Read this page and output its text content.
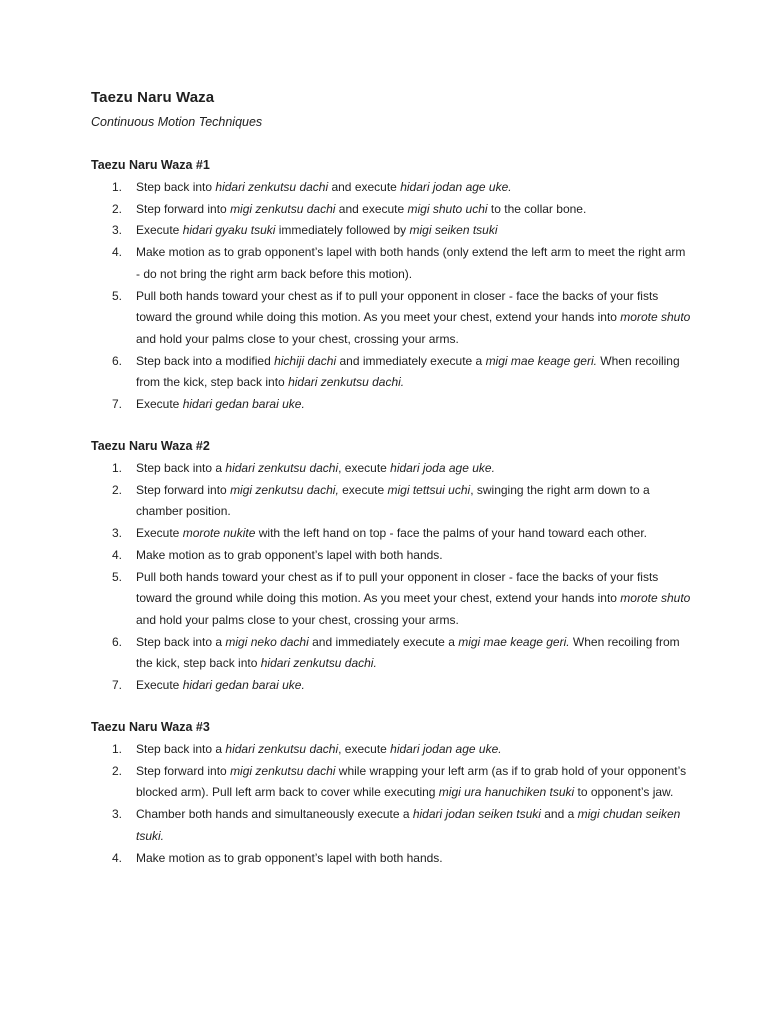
Taezu Naru Waza
Continuous Motion Techniques
Taezu Naru Waza #1
1.	Step back into hidari zenkutsu dachi and execute hidari jodan age uke.
2.	Step forward into migi zenkutsu dachi and execute migi shuto uchi to the collar bone.
3.	Execute hidari gyaku tsuki immediately followed by migi seiken tsuki
4.	Make motion as to grab opponent’s lapel with both hands (only extend the left arm to meet the right arm - do not bring the right arm back before this motion).
5.	Pull both hands toward your chest as if to pull your opponent in closer - face the backs of your fists toward the ground while doing this motion. As you meet your chest, extend your hands into morote shuto and hold your palms close to your chest, crossing your arms.
6.	Step back into a modified hichiji dachi and immediately execute a migi mae keage geri. When recoiling from the kick, step back into hidari zenkutsu dachi.
7.	Execute hidari gedan barai uke.
Taezu Naru Waza #2
1.	Step back into a hidari zenkutsu dachi, execute hidari joda age uke.
2.	Step forward into migi zenkutsu dachi, execute migi tettsui uchi, swinging the right arm down to a chamber position.
3.	Execute morote nukite with the left hand on top - face the palms of your hand toward each other.
4.	Make motion as to grab opponent’s lapel with both hands.
5.	Pull both hands toward your chest as if to pull your opponent in closer - face the backs of your fists toward the ground while doing this motion. As you meet your chest, extend your hands into morote shuto and hold your palms close to your chest, crossing your arms.
6.	Step back into a migi neko dachi and immediately execute a migi mae keage geri. When recoiling from the kick, step back into hidari zenkutsu dachi.
7.	Execute hidari gedan barai uke.
Taezu Naru Waza #3
1.	Step back into a hidari zenkutsu dachi, execute hidari jodan age uke.
2.	Step forward into migi zenkutsu dachi while wrapping your left arm (as if to grab hold of your opponent’s blocked arm). Pull left arm back to cover while executing migi ura hanuchiken tsuki to opponent’s jaw.
3.	Chamber both hands and simultaneously execute a hidari jodan seiken tsuki and a migi chudan seiken tsuki.
4.	Make motion as to grab opponent’s lapel with both hands.
